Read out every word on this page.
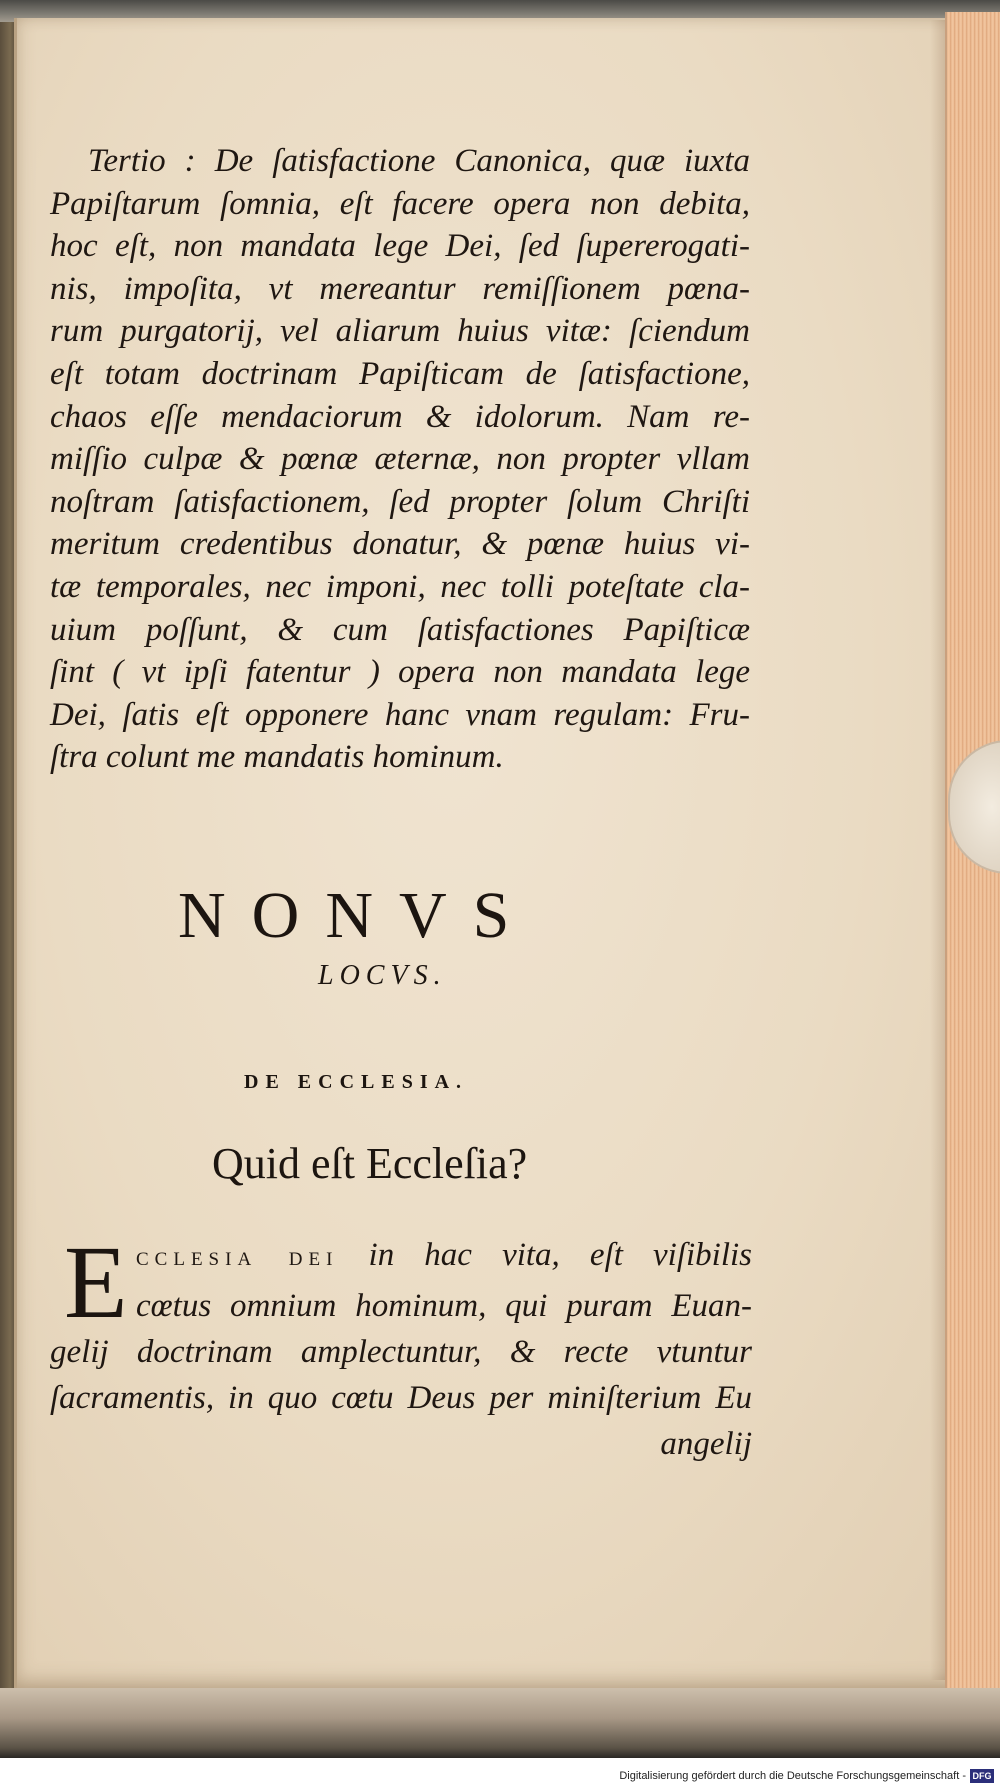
Tertio : De ſatisfactione Canonica, quæ iuxta
Papiſtarum ſomnia, eſt facere opera non debita,
hoc eſt, non mandata lege Dei, ſed ſupererogati-
nis, impoſita, vt mereantur remiſſionem pœna-
rum purgatorij, vel aliarum huius vitæ: ſciendum
eſt totam doctrinam Papiſticam de ſatisfactione,
chaos eſſe mendaciorum & idolorum. Nam re-
miſſio culpæ & pœnæ æternæ, non propter vllam
noſtram ſatisfactionem, ſed propter ſolum Chriſti
meritum credentibus donatur, & pœnæ huius vi-
tæ temporales, nec imponi, nec tolli poteſtate cla-
uium poſſunt, & cum ſatisfactiones Papiſticæ
ſint ( vt ipſi fatentur ) opera non mandata lege
Dei, ſatis eſt opponere hanc vnam regulam: Fru-
ſtra colunt me mandatis hominum.
NONVS
LOCVS.
DE ECCLESIA.
Quid eſt Eccleſia?
E CCLESIA DEI in hac vita, eſt viſibilis
cœtus omnium hominum, qui puram Euan-
gelij doctrinam amplectuntur, & recte vtuntur
ſacramentis, in quo cœtu Deus per miniſterium Eu
angelij
Digitalisierung gefördert durch die Deutsche Forschungsgemeinschaft - DFG
